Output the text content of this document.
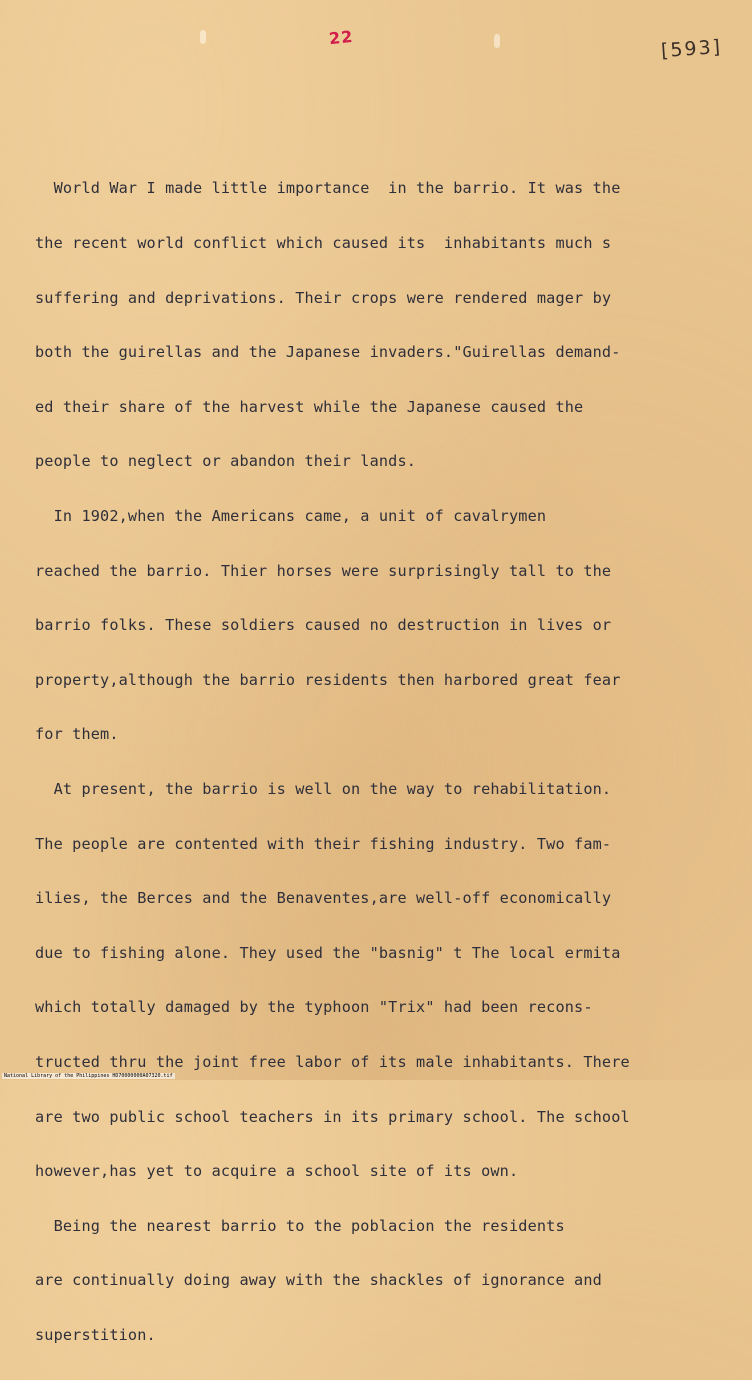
22	[593]

World War I made little importance  in the barrio. It was the

the recent world conflict which caused its  inhabitants much s

suffering and deprivations. Their crops were rendered mager by

both the guirellas and the Japanese invaders."Guirellas demand-

ed their share of the harvest while the Japanese caused the

people to neglect or abandon their lands.

In 1902,when the Americans came, a unit of cavalrymen

reached the barrio. Thier horses were surprisingly tall to the

barrio folks. These soldiers caused no destruction in lives or

property,although the barrio residents then harbored great fear

for them.

At present, the barrio is well on the way to rehabilitation.

The people are contented with their fishing industry. Two fam-

ilies, the Berces and the Benaventes,are well-off economically

due to fishing alone. They used the "basnig" t The local ermita

which totally damaged by the typhoon "Trix" had been recons-

tructed thru the joint free labor of its male inhabitants. There

are two public school teachers in its primary school. The school

however,has yet to acquire a school site of its own.

Being the nearest barrio to the poblacion the residents

are continually doing away with the shackles of ignorance and

superstition.

National Library of the Philippines HD70000000A07320.tif
